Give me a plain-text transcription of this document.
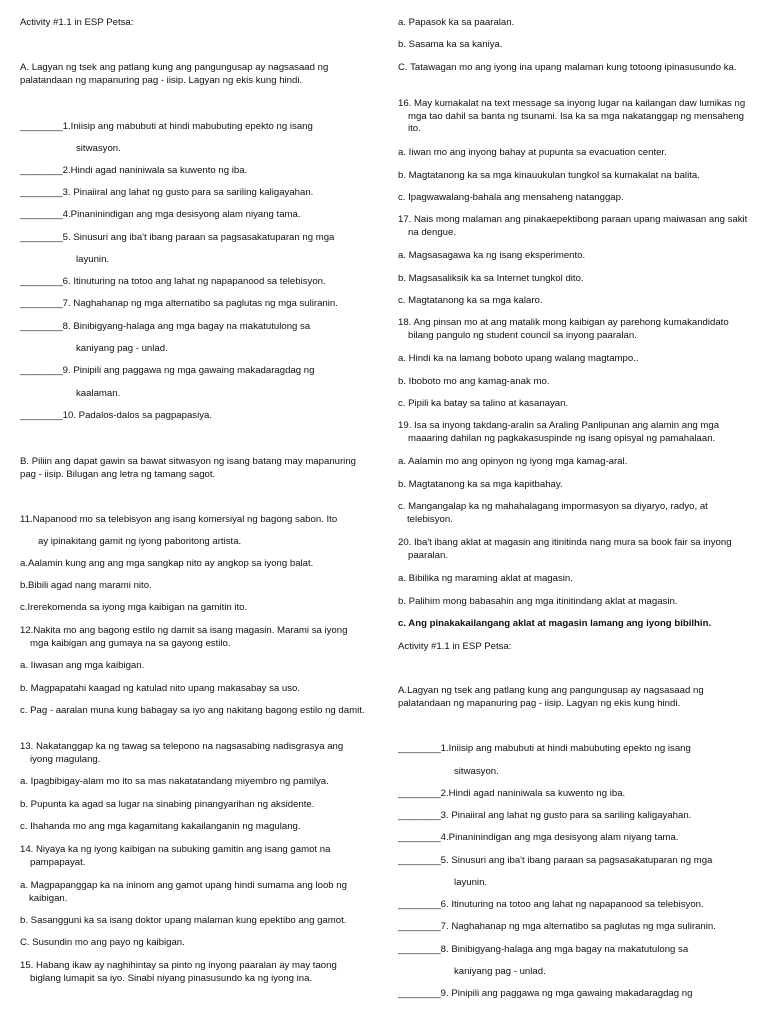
Activity #1.1 in ESP Petsa:
A. Lagyan ng tsek ang patlang kung ang pangungusap ay nagsasaad ng palatandaan ng mapanuring pag - iisip. Lagyan ng ekis kung hindi.
________1.Iniisip ang mabubuti at hindi mabubuting epekto ng isang
sitwasyon.
________2.Hindi agad naniniwala sa kuwento ng iba.
________3. Pinaiiral ang lahat ng gusto para sa sariling kaligayahan.
________4.Pinaninindigan ang mga desisyong alam niyang tama.
________5. Sinusuri ang iba't ibang paraan sa pagsasakatuparan ng mga
layunin.
________6. Itinuturing na totoo ang lahat ng napapanood sa telebisyon.
________7. Naghahanap ng mga alternatibo sa paglutas ng mga suliranin.
________8. Binibigyang-halaga ang mga bagay na makatutulong sa
kaniyang pag - unlad.
________9. Pinipili ang paggawa ng mga gawaing makadaragdag ng
kaalaman.
________10. Padalos-dalos sa pagpapasiya.
B. Piliin ang dapat gawin sa bawat sitwasyon ng isang batang may mapanuring pag - iisip. Bilugan ang letra ng tamang sagot.
11.Napanood mo sa telebisyon ang isang komersiyal ng bagong sabon. Ito
ay ipinakitang gamit ng iyong paboritong artista.
a.Aalamin kung ang ang mga sangkap nito ay angkop sa iyong balat.
b.Bibili agad nang marami nito.
c.Irerekomenda sa iyong mga kaibigan na gamitin ito.
12.Nakita mo ang bagong estilo ng damit sa isang magasin. Marami sa iyong mga kaibigan ang gumaya na sa gayong estilo.
a. Iiwasan ang mga kaibigan.
b. Magpapatahi kaagad ng katulad nito upang makasabay sa uso.
c. Pag - aaralan muna kung babagay sa iyo ang nakitang bagong estilo ng damit.
13. Nakatanggap ka ng tawag sa telepono na nagsasabing nadisgrasya ang iyong magulang.
a. Ipagbibigay-alam mo ito sa mas nakatatandang miyembro ng pamilya.
b. Pupunta ka agad sa lugar na sinabing pinangyarihan ng aksidente.
c. Ihahanda mo ang mga kagamitang kakailanganin ng magulang.
14. Niyaya ka ng iyong kaibigan na subuking gamitin ang isang gamot na pampapayat.
a. Magpapanggap ka na ininom ang gamot upang hindi sumama ang loob ng kaibigan.
b. Sasangguni ka sa isang doktor upang malaman kung epektibo ang gamot.
C. Susundin mo ang payo ng kaibigan.
15. Habang ikaw ay naghihintay sa pinto ng inyong paaralan ay may taong biglang lumapit sa iyo. Sinabi niyang pinasusundo ka ng iyong ina.
a. Papasok ka sa paaralan.
b. Sasama ka sa kaniya.
C. Tatawagan mo ang iyong ina upang malaman kung totoong ipinasusundo ka.
16. May kumakalat na text message sa inyong lugar na kailangan daw lumikas ng mga tao dahil sa banta ng tsunami. Isa ka sa mga nakatanggap ng mensaheng ito.
a. Iiwan mo ang inyong bahay at pupunta sa evacuation center.
b. Magtatanong ka sa mga kinauukulan tungkol sa kumakalat na balita.
c. Ipagwawalang-bahala ang mensaheng natanggap.
17. Nais mong malaman ang pinakaepektibong paraan upang maiwasan ang sakit na dengue.
a. Magsasagawa ka ng isang eksperimento.
b. Magsasaliksik ka sa Internet tungkol dito.
c. Magtatanong ka sa mga kalaro.
18. Ang pinsan mo at ang matalik mong kaibigan ay parehong kumakandidato bilang pangulo ng student council sa inyong paaralan.
a. Hindi ka na lamang boboto upang walang magtampo..
b. Iboboto mo ang kamag-anak mo.
c. Pipili ka batay sa talino at kasanayan.
19. Isa sa inyong takdang-aralin sa Araling Panlipunan ang alamin ang mga maaaring dahilan ng pagkakasuspinde ng isang opisyal ng pamahalaan.
a. Aalamin mo ang opinyon ng iyong mga kamag-aral.
b. Magtatanong ka sa mga kapitbahay.
c. Mangangalap ka ng mahahalagang impormasyon sa diyaryo, radyo, at telebisyon.
20. Iba't ibang aklat at magasin ang itinitinda nang mura sa book fair sa inyong paaralan.
a. Bibilika ng maraming aklat at magasin.
b. Palihim mong babasahin ang mga itinitindang aklat at magasin.
c. Ang pinakakailangang aklat at magasin lamang ang iyong bibilhin.
Activity #1.1 in ESP Petsa:
A.Lagyan ng tsek ang patlang kung ang pangungusap ay nagsasaad ng palatandaan ng mapanuring pag - iisip. Lagyan ng ekis kung hindi.
________1.Iniisip ang mabubuti at hindi mabubuting epekto ng isang
sitwasyon.
________2.Hindi agad naniniwala sa kuwento ng iba.
________3. Pinaiiral ang lahat ng gusto para sa sariling kaligayahan.
________4.Pinaninindigan ang mga desisyong alam niyang tama.
________5. Sinusuri ang iba't ibang paraan sa pagsasakatuparan ng mga
layunin.
________6. Itinuturing na totoo ang lahat ng napapanood sa telebisyon.
________7. Naghahanap ng mga alternatibo sa paglutas ng mga suliranin.
________8. Binibigyang-halaga ang mga bagay na makatutulong sa
kaniyang pag - unlad.
________9. Pinipili ang paggawa ng mga gawaing makadaragdag ng
